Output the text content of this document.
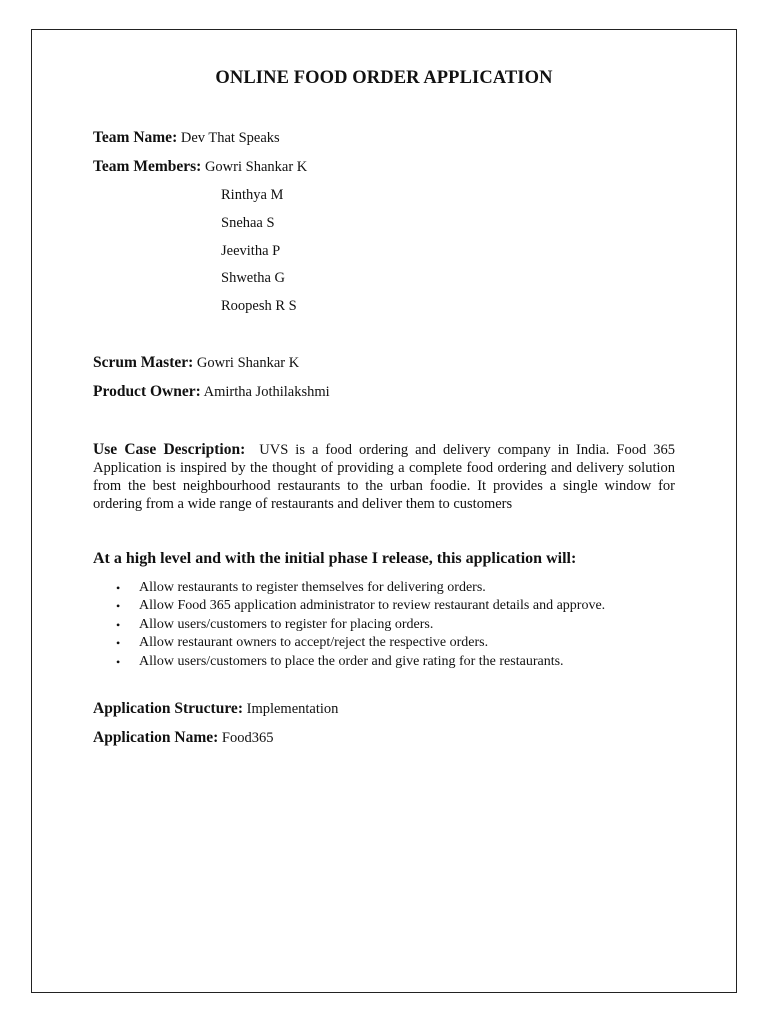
ONLINE FOOD ORDER APPLICATION
Team Name: Dev That Speaks
Team Members: Gowri Shankar K
Rinthya M
Snehaa S
Jeevitha P
Shwetha G
Roopesh R S
Scrum Master: Gowri Shankar K
Product Owner: Amirtha Jothilakshmi
Use Case Description: UVS is a food ordering and delivery company in India. Food 365 Application is inspired by the thought of providing a complete food ordering and delivery solution from the best neighbourhood restaurants to the urban foodie. It provides a single window for ordering from a wide range of restaurants and deliver them to customers
At a high level and with the initial phase I release, this application will:
• Allow restaurants to register themselves for delivering orders.
• Allow Food 365 application administrator to review restaurant details and approve.
• Allow users/customers to register for placing orders.
• Allow restaurant owners to accept/reject the respective orders.
• Allow users/customers to place the order and give rating for the restaurants.
Application Structure: Implementation
Application Name: Food365
